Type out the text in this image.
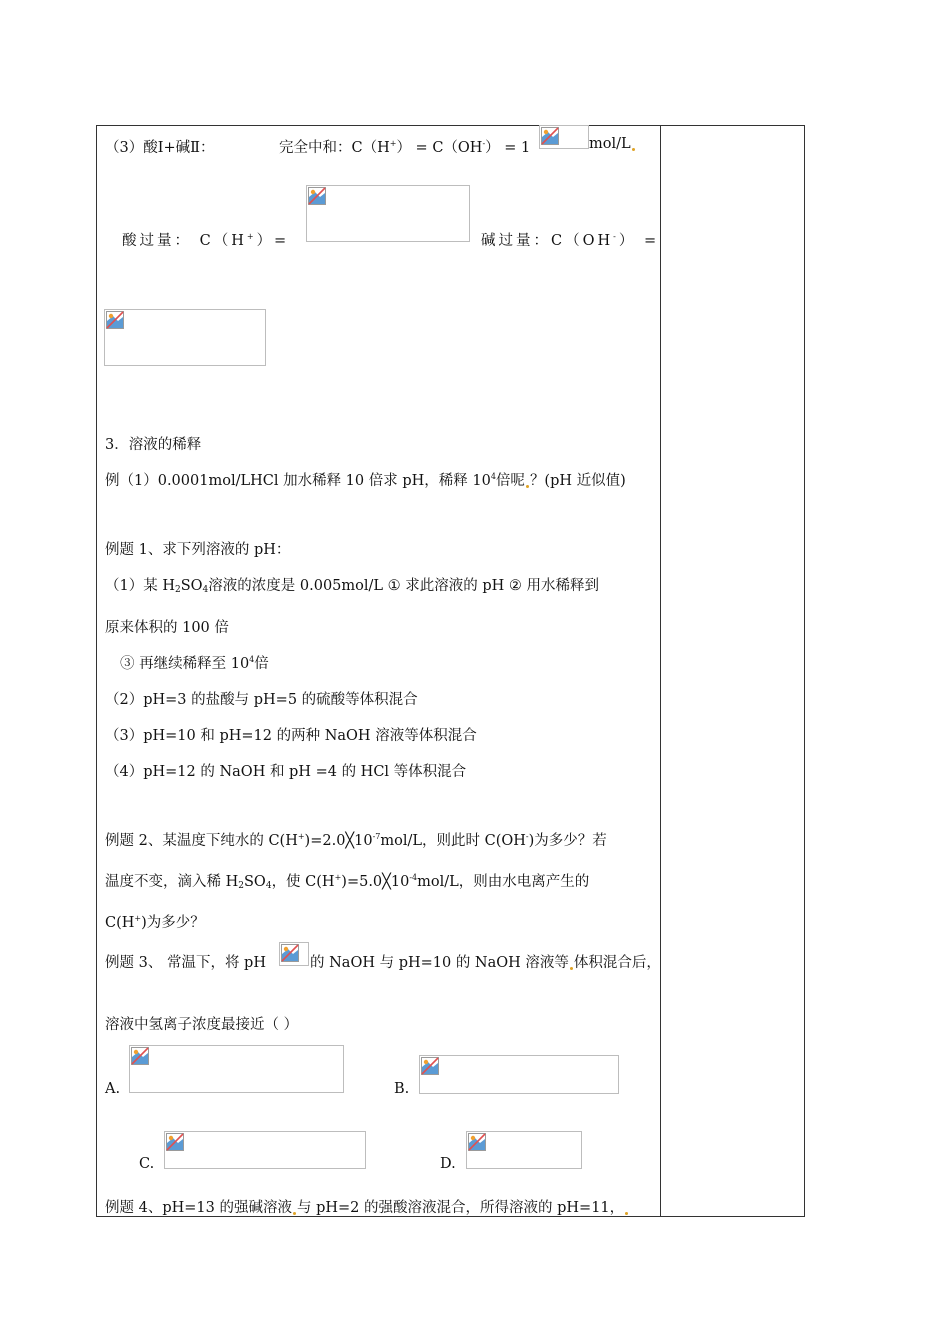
（3）酸Ⅰ+碱Ⅱ：	完全中和：C（H+） = C（OH-） = 1	mol/L
酸过量： C（H+）=	碱过量：C（OH-） =
3．溶液的稀释
例（1）0.0001mol/LHCl 加水稀释 10 倍求 pH，稀释 $10^4$倍呢 ？(pH 近似值)
例题 1、求下列溶液的 pH：
（1）某 $H_2SO_4$溶液的浓度是 0.005mol/L ① 求此溶液的 pH ② 用水稀释到
原来体积的 100 倍
③ 再继续稀释至 $10^4$倍
（2）pH=3 的盐酸与 pH=5 的硫酸等体积混合
（3）pH=10 和 pH=12 的两种 NaOH 溶液等体积混合
（4）pH=12 的 NaOH 和 pH =4 的 HCl 等体积混合
例题 2、某温度下纯水的 $C(H^+)=2.0╳10^{-7}mol/L$，则此时 C(OH-)为多少？若
温度不变，滴入稀 $H_2SO_4$，使 $C(H^+)=5.0╳10^{-4}mol/L$，则由水电离产生的
C(H+)为多少？
例题 3、 常温下，将 pH	的 NaOH 与 pH=10 的 NaOH 溶液等 体积混合后，
溶液中氢离子浓度最接近（ ）
A.	B.
C.	D.
例题 4、pH=13 的强碱溶液 与 pH=2 的强酸溶液混合，所得溶液的 pH=11，
